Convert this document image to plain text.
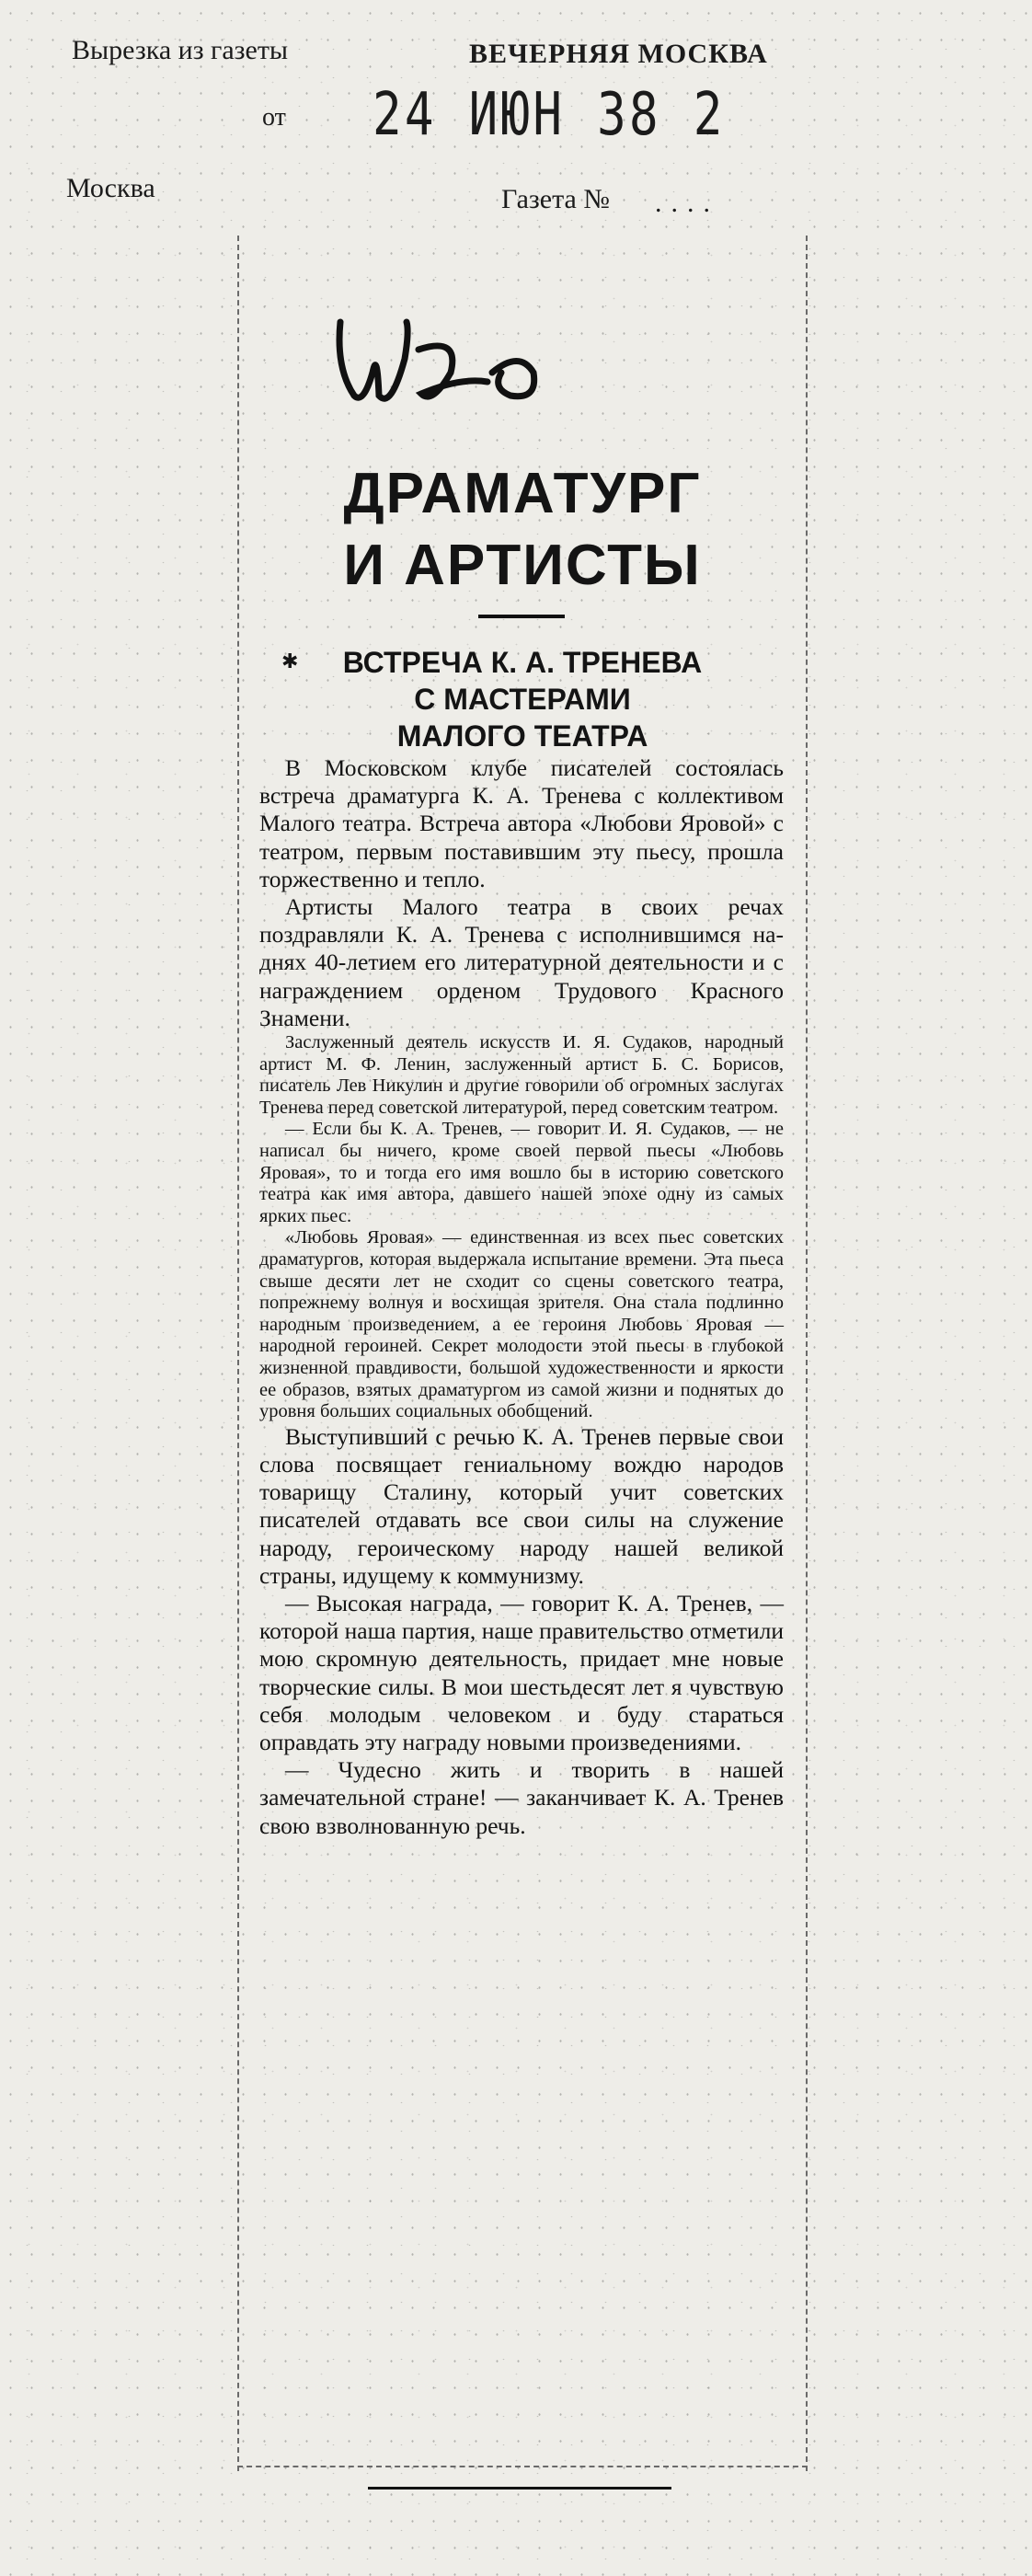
Вырезка из газеты	ВЕЧЕРНЯЯ МОСКВА
от 24 ИЮН 38 2
Москва	Газета № ....
ДРАМАТУРГ
И АРТИСТЫ
✱	ВСТРЕЧА К. А. ТРЕНЕВА
С МАСТЕРАМИ
МАЛОГО ТЕАТРА

В Московском клубе писателей состоялась встреча драматурга К. А. Тренева с коллективом Малого театра. Встреча автора «Любови Яровой» с театром, первым поставившим эту пьесу, прошла торжественно и тепло.

Артисты Малого театра в своих речах поздравляли К. А. Тренева с исполнившимся на-днях 40-летием его литературной деятельности и с награждением орденом Трудового Красного Знамени.

Заслуженный деятель искусств И. Я. Судаков, народный артист М. Ф. Ленин, заслуженный артист Б. С. Борисов, писатель Лев Никулин и другие говорили об огромных заслугах Тренева перед советской литературой, перед советским театром.

— Если бы К. А. Тренев, — говорит И. Я. Судаков, — не написал бы ничего, кроме своей первой пьесы «Любовь Яровая», то и тогда его имя вошло бы в историю советского театра как имя автора, давшего нашей эпохе одну из самых ярких пьес.

«Любовь Яровая» — единственная из всех пьес советских драматургов, которая выдержала испытание времени. Эта пьеса свыше десяти лет не сходит со сцены советского театра, попрежнему волнуя и восхищая зрителя. Она стала подлинно народным произведением, а ее героиня Любовь Яровая — народной героиней. Секрет молодости этой пьесы в глубокой жизненной правдивости, большой художественности и яркости ее образов, взятых драматургом из самой жизни и поднятых до уровня больших социальных обобщений.

Выступивший с речью К. А. Тренев первые свои слова посвящает гениальному вождю народов товарищу Сталину, который учит советских писателей отдавать все свои силы на служение народу, героическому народу нашей великой страны, идущему к коммунизму.

— Высокая награда, — говорит К. А. Тренев, — которой наша партия, наше правительство отметили мою скромную деятельность, придает мне новые творческие силы. В мои шестьдесят лет я чувствую себя молодым человеком и буду стараться оправдать эту награду новыми произведениями.

— Чудесно жить и творить в нашей замечательной стране! — заканчивает К. А. Тренев свою взволнованную речь.
